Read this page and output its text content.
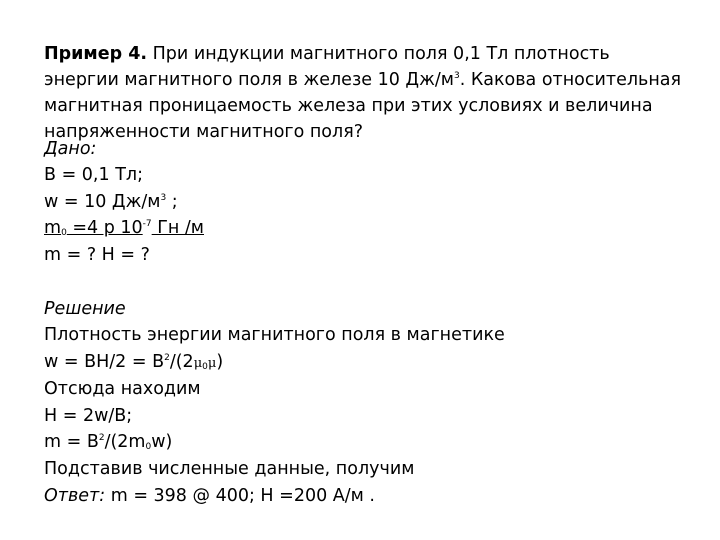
Пример 4. При индукции магнитного поля 0,1 Тл плотность энергии магнитного поля в железе 10 $Дж/м^3$. Какова относительная магнитная проницаемость железа при этих условиях и величина напряженности магнитного поля?
Дано:
B = 0,1 Тл;
w = 10 $Дж/м^3$ ;
$m_0 =4$ p $10^{-7}$ Гн /м
m = ? H = ?
Решение
Плотность энергии магнитного поля в магнетике
$w = BH/2 = B^2/(2\mu_0\mu)$
Отсюда находим
H = 2w/B;
$m = B^2/(2m_0w)$
Подставив численные данные, получим
Ответ: m = 398 @ 400; H =200 А/м .
